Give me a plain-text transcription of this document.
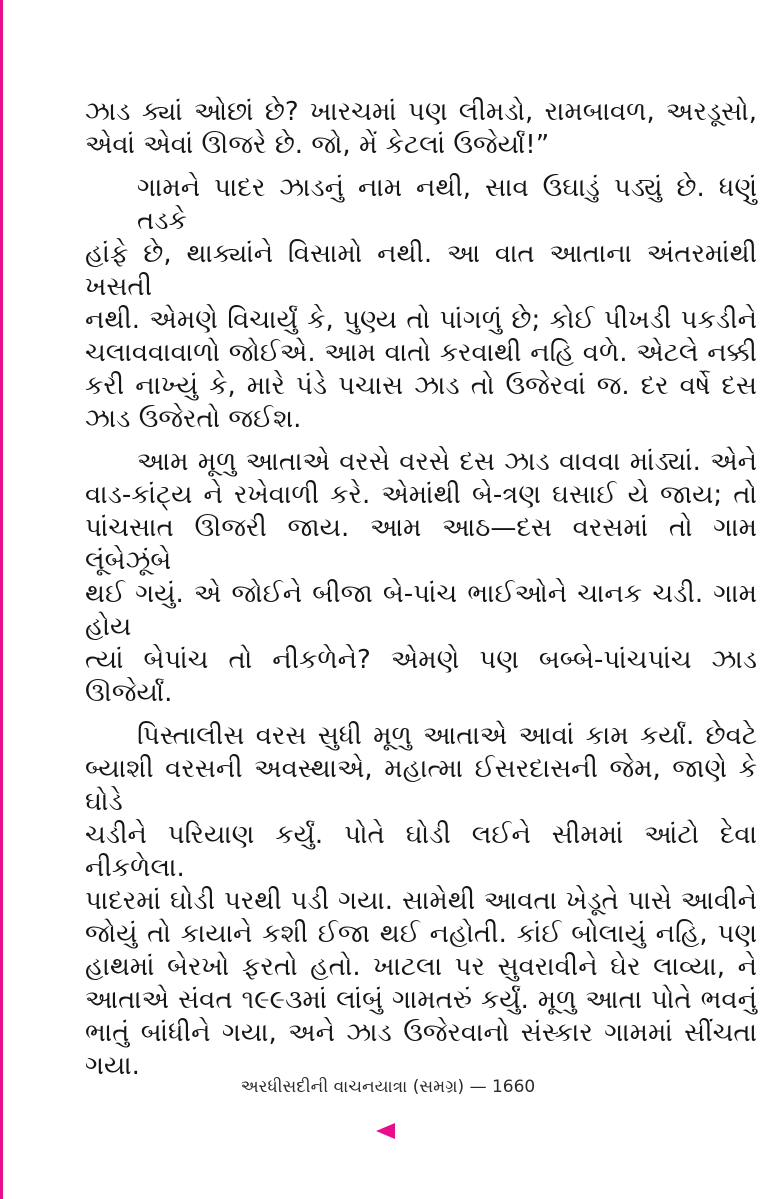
ઝાડ ક્યાં ઓછાં છે? ખારચમાં પણ લીમડો, રામબાવળ, અરડૂસો,
એવાં એવાં ઊજરે છે. જો, મેં કેટલાં ઉજેર્યાં!”
ગામને પાદર ઝાડનું નામ નથી, સાવ ઉઘાડું પડ્યું છે. ધણું તડકે
હાંફે છે, થાક્યાંને વિસામો નથી. આ વાત આતાના અંતરમાંથી ખસતી
નથી. એમણે વિચાર્યું કે, પુણ્ય તો પાંગળું છે; કોઈ પીખડી પકડીને
ચલાવવાવાળો જોઈએ. આમ વાતો કરવાથી નહિ વળે. એટલે નક્કી
કરી નાખ્યું કે, મારે પંડે પચાસ ઝાડ તો ઉજેરવાં જ. દર વર્ષે દસ
ઝાડ ઉજેરતો જઈશ.
આમ મૂળુ આતાએ વરસે વરસે દસ ઝાડ વાવવા માંડ્યાં. એને
વાડ-કાંટ્ય ને રખેવાળી કરે. એમાંથી બે-ત્રણ ઘસાઈ યે જાય; તો
પાંચસાત ઊજરી જાય. આમ આઠ—દસ વરસમાં તો ગામ લૂંબેઝૂંબે
થઈ ગયું. એ જોઈને બીજા બે-પાંચ ભાઈઓને ચાનક ચડી. ગામ હોય
ત્યાં બેપાંચ તો નીકળેને? એમણે પણ બબ્બે-પાંચપાંચ ઝાડ ઊજેર્યાં.
પિસ્તાલીસ વરસ સુધી મૂળુ આતાએ આવાં કામ કર્યાં. છેવટે
બ્યાશી વરસની અવસ્થાએ, મહાત્મા ઈસરદાસની જેમ, જાણે કે ઘોડે
ચડીને પરિયાણ કર્યું. પોતે ઘોડી લઈને સીમમાં આંટો દેવા નીકળેલા.
પાદરમાં ઘોડી પરથી પડી ગયા. સામેથી આવતા ખેડૂતે પાસે આવીને
જોયું તો કાયાને કશી ઈજા થઈ નહોતી. કાંઈ બોલાયું નહિ, પણ
હાથમાં બેરખો ફરતો હતો. ખાટલા પર સુવરાવીને ઘેર લાવ્યા, ને
આતાએ સંવત ૧૯૯૩માં લાંબું ગામતરું કર્યું. મૂળુ આતા પોતે ભવનું
ભાતું બાંધીને ગયા, અને ઝાડ ઉજેરવાનો સંસ્કાર ગામમાં સીંચતા ગયા.
અરધીસદીની વાચનયાત્રા (સમગ્ર) — 1660
